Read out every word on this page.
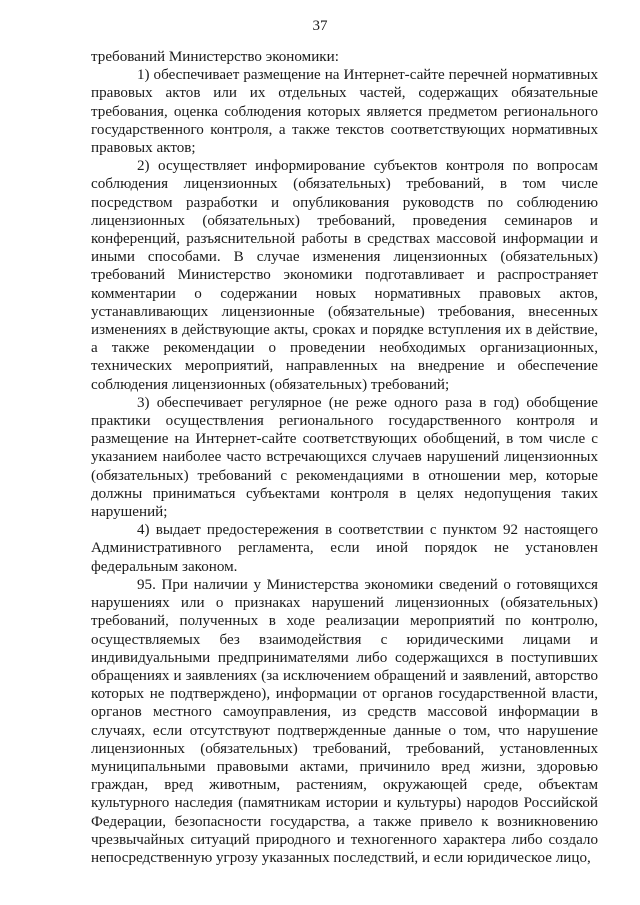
37

требований Министерство экономики:

1) обеспечивает размещение на Интернет-сайте перечней нормативных правовых актов или их отдельных частей, содержащих обязательные требования, оценка соблюдения которых является предметом регионального государственного контроля, а также текстов соответствующих нормативных правовых актов;

2) осуществляет информирование субъектов контроля по вопросам соблюдения лицензионных (обязательных) требований, в том числе посредством разработки и опубликования руководств по соблюдению лицензионных (обязательных) требований, проведения семинаров и конференций, разъяснительной работы в средствах массовой информации и иными способами. В случае изменения лицензионных (обязательных) требований Министерство экономики подготавливает и распространяет комментарии о содержании новых нормативных правовых актов, устанавливающих лицензионные (обязательные) требования, внесенных изменениях в действующие акты, сроках и порядке вступления их в действие, а также рекомендации о проведении необходимых организационных, технических мероприятий, направленных на внедрение и обеспечение соблюдения лицензионных (обязательных) требований;

3) обеспечивает регулярное (не реже одного раза в год) обобщение практики осуществления регионального государственного контроля и размещение на Интернет-сайте соответствующих обобщений, в том числе с указанием наиболее часто встречающихся случаев нарушений лицензионных (обязательных) требований с рекомендациями в отношении мер, которые должны приниматься субъектами контроля в целях недопущения таких нарушений;

4) выдает предостережения в соответствии с пунктом 92 настоящего Административного регламента, если иной порядок не установлен федеральным законом.

95. При наличии у Министерства экономики сведений о готовящихся нарушениях или о признаках нарушений лицензионных (обязательных) требований, полученных в ходе реализации мероприятий по контролю, осуществляемых без взаимодействия с юридическими лицами и индивидуальными предпринимателями либо содержащихся в поступивших обращениях и заявлениях (за исключением обращений и заявлений, авторство которых не подтверждено), информации от органов государственной власти, органов местного самоуправления, из средств массовой информации в случаях, если отсутствуют подтвержденные данные о том, что нарушение лицензионных (обязательных) требований, требований, установленных муниципальными правовыми актами, причинило вред жизни, здоровью граждан, вред животным, растениям, окружающей среде, объектам культурного наследия (памятникам истории и культуры) народов Российской Федерации, безопасности государства, а также привело к возникновению чрезвычайных ситуаций природного и техногенного характера либо создало непосредственную угрозу указанных последствий, и если юридическое лицо,
